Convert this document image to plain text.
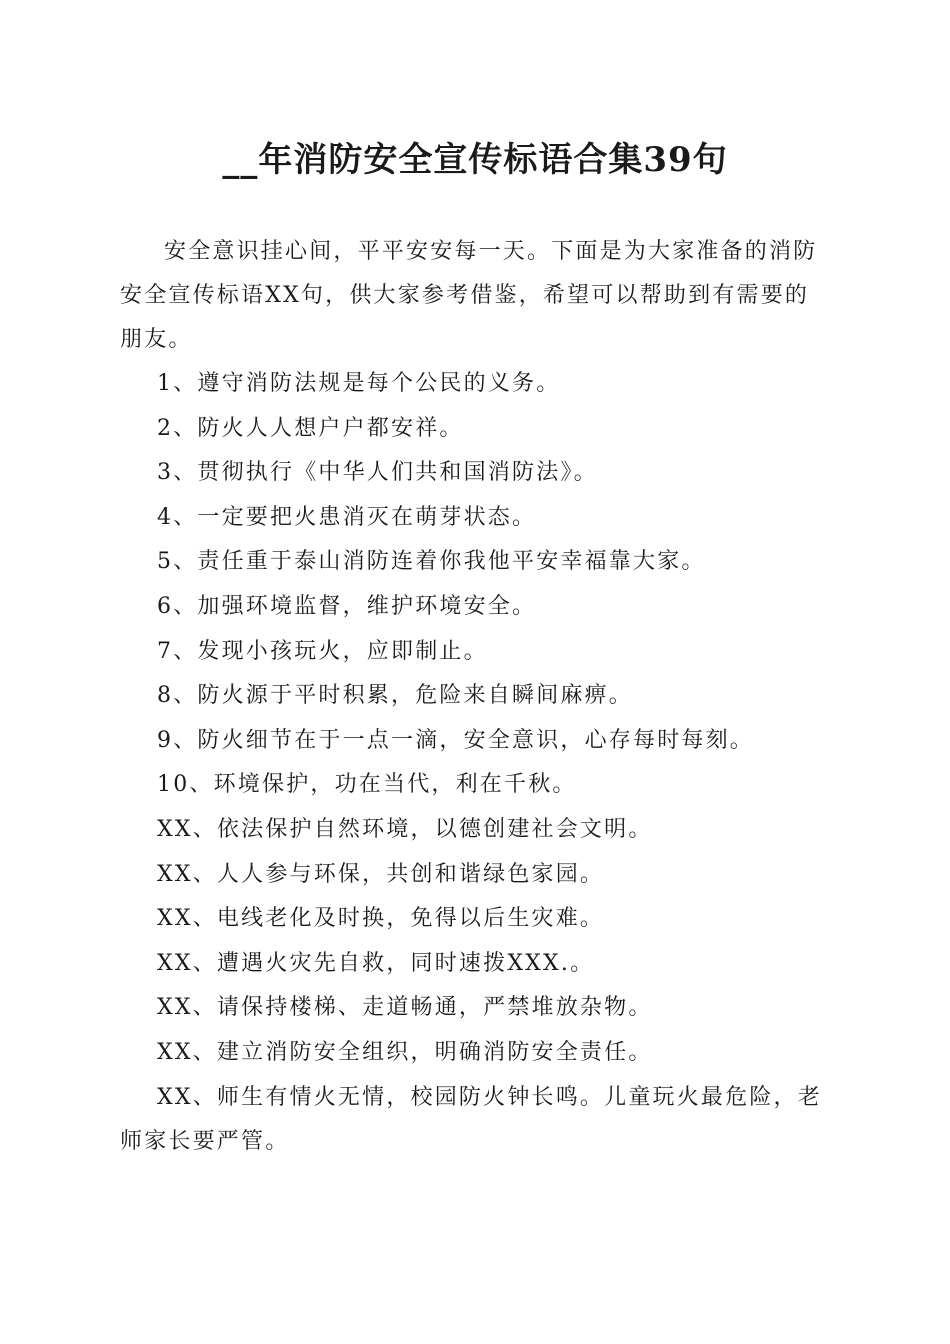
__年消防安全宣传标语合集39句

安全意识挂心间，平平安安每一天。下面是为大家准备的消防安全宣传标语XX句，供大家参考借鉴，希望可以帮助到有需要的朋友。

1、遵守消防法规是每个公民的义务。
2、防火人人想户户都安祥。
3、贯彻执行《中华人们共和国消防法》。
4、一定要把火患消灭在萌芽状态。
5、责任重于泰山消防连着你我他平安幸福靠大家。
6、加强环境监督，维护环境安全。
7、发现小孩玩火，应即制止。
8、防火源于平时积累，危险来自瞬间麻痹。
9、防火细节在于一点一滴，安全意识，心存每时每刻。
10、环境保护，功在当代，利在千秋。
XX、依法保护自然环境，以德创建社会文明。
XX、人人参与环保，共创和谐绿色家园。
XX、电线老化及时换，免得以后生灾难。
XX、遭遇火灾先自救，同时速拨XXX.。
XX、请保持楼梯、走道畅通，严禁堆放杂物。
XX、建立消防安全组织，明确消防安全责任。
XX、师生有情火无情，校园防火钟长鸣。儿童玩火最危险，老师家长要严管。
